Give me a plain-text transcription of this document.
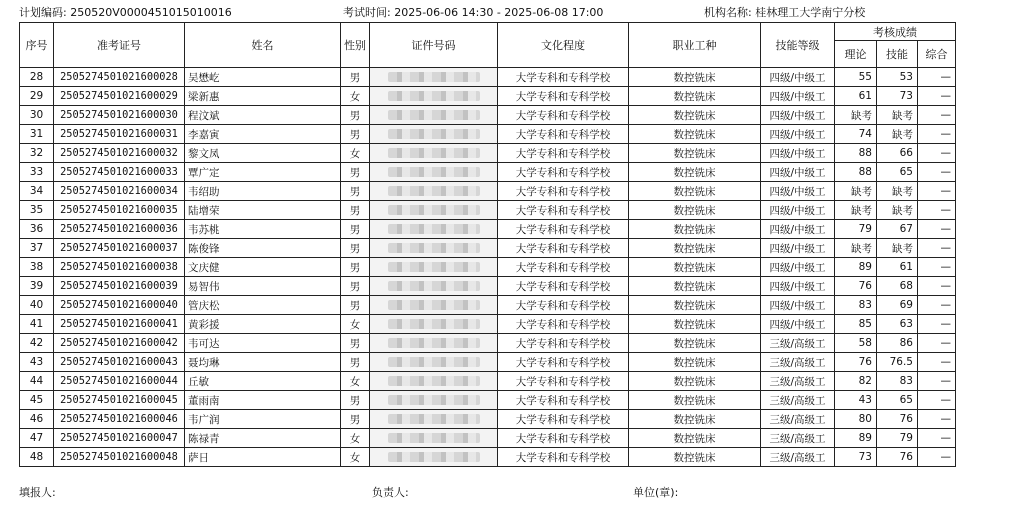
计划编码: 250520V0000451015010016	考试时间: 2025-06-06 14:30 - 2025-06-08 17:00	机构名称: 桂林理工大学南宁分校
序号	准考证号	姓名	性别	证件号码	文化程度	职业工种	技能等级	考核成绩		
								理论	技能	综合
28	2505274501021600028	吴懋屹	男		大学专科和专科学校	数控铣床	四级/中级工	55	53	—
29	2505274501021600029	梁新惠	女		大学专科和专科学校	数控铣床	四级/中级工	61	73	—
30	2505274501021600030	程汶斌	男		大学专科和专科学校	数控铣床	四级/中级工	缺考	缺考	—
31	2505274501021600031	李嘉寅	男		大学专科和专科学校	数控铣床	四级/中级工	74	缺考	—
32	2505274501021600032	黎文凤	女		大学专科和专科学校	数控铣床	四级/中级工	88	66	—
33	2505274501021600033	覃广定	男		大学专科和专科学校	数控铣床	四级/中级工	88	65	—
34	2505274501021600034	韦绍助	男		大学专科和专科学校	数控铣床	四级/中级工	缺考	缺考	—
35	2505274501021600035	陆增荣	男		大学专科和专科学校	数控铣床	四级/中级工	缺考	缺考	—
36	2505274501021600036	韦苏桃	男		大学专科和专科学校	数控铣床	四级/中级工	79	67	—
37	2505274501021600037	陈俊锋	男		大学专科和专科学校	数控铣床	四级/中级工	缺考	缺考	—
38	2505274501021600038	文庆健	男		大学专科和专科学校	数控铣床	四级/中级工	89	61	—
39	2505274501021600039	易智伟	男		大学专科和专科学校	数控铣床	四级/中级工	76	68	—
40	2505274501021600040	管庆松	男		大学专科和专科学校	数控铣床	四级/中级工	83	69	—
41	2505274501021600041	黄彩援	女		大学专科和专科学校	数控铣床	四级/中级工	85	63	—
42	2505274501021600042	韦可达	男		大学专科和专科学校	数控铣床	三级/高级工	58	86	—
43	2505274501021600043	聂均琳	男		大学专科和专科学校	数控铣床	三级/高级工	76	76.5	—
44	2505274501021600044	丘敏	女		大学专科和专科学校	数控铣床	三级/高级工	82	83	—
45	2505274501021600045	董雨南	男		大学专科和专科学校	数控铣床	三级/高级工	43	65	—
46	2505274501021600046	韦广润	男		大学专科和专科学校	数控铣床	三级/高级工	80	76	—
47	2505274501021600047	陈禄青	女		大学专科和专科学校	数控铣床	三级/高级工	89	79	—
48	2505274501021600048	萨日	女		大学专科和专科学校	数控铣床	三级/高级工	73	76	—
填报人:	负责人:	单位(章):
